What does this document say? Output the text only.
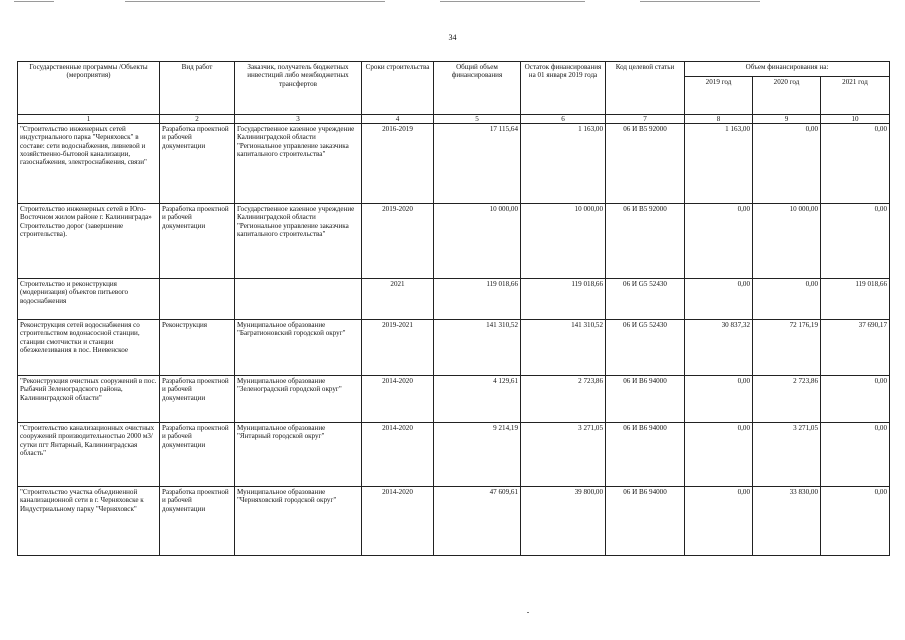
34
Государственные программы /Объекты (мероприятия)	Вид работ	Заказчик, получатель бюджетных инвестиций либо межбюджетных трансфертов	Сроки строительства	Общий объем финансирования	Остаток финансирования на 01 января 2019 года	Код целевой статьи	Объем финансирования на:		
							2019 год	2020 год	2021 год
1	2	3	4	5	6	7	8	9	10
"Строительство инженерных сетей индустриального парка "Черняховск" в составе: сети водоснабжения, ливневой и хозяйственно-бытовой канализации, газоснабжения, электроснабжения, связи"	Разработка проектной и рабочей документации	Государственное казенное учреждение Калининградской области "Региональное управление заказчика капитального строительства"	2016-2019	17 115,64	1 163,00	06 И В5 92000	1 163,00	0,00	0,00
Строительство инженерных сетей в Юго-Восточном жилом районе г. Калининграда» Строительство дорог (завершение строительства).	Разработка проектной и рабочей документации	Государственное казенное учреждение Калининградской области "Региональное управление заказчика капитального строительства"	2019-2020	10 000,00	10 000,00	06 И В5 92000	0,00	10 000,00	0,00
Строительство и реконструкция (модернизация) объектов питьевого водоснабжения			2021	119 018,66	119 018,66	06 И G5 52430	0,00	0,00	119 018,66
Реконструкция сетей водоснабжения со строительством водонасосной станции, станции смотчистки и станции обезжелезивания в пос. Ниевенское	Реконструкция	Муниципальное образование "Багратионовский городской округ"	2019-2021	141 310,52	141 310,52	06 И G5 52430	30 837,32	72 176,19	37 690,17
"Реконструкция очистных сооружений в пос. Рыбачий Зеленоградского района, Калининградской области"	Разработка проектной и рабочей документации	Муниципальное образование "Зеленоградский городской округ"	2014-2020	4 129,61	2 723,86	06 И В6 94000	0,00	2 723,86	0,00
"Строительство канализационных очистных сооружений производительностью 2000 м3/сутки пгт Янтарный, Калининградская область"	Разработка проектной и рабочей документации	Муниципальное образование "Янтарный городской округ"	2014-2020	9 214,19	3 271,05	06 И В6 94000	0,00	3 271,05	0,00
"Строительство участка объединенной канализационной сети в г. Черняховске к Индустриальному парку "Черняховск"	Разработка проектной и рабочей документации	Муниципальное образование "Черняховский городской округ"	2014-2020	47 609,61	39 800,00	06 И В6 94000	0,00	33 830,00	0,00
